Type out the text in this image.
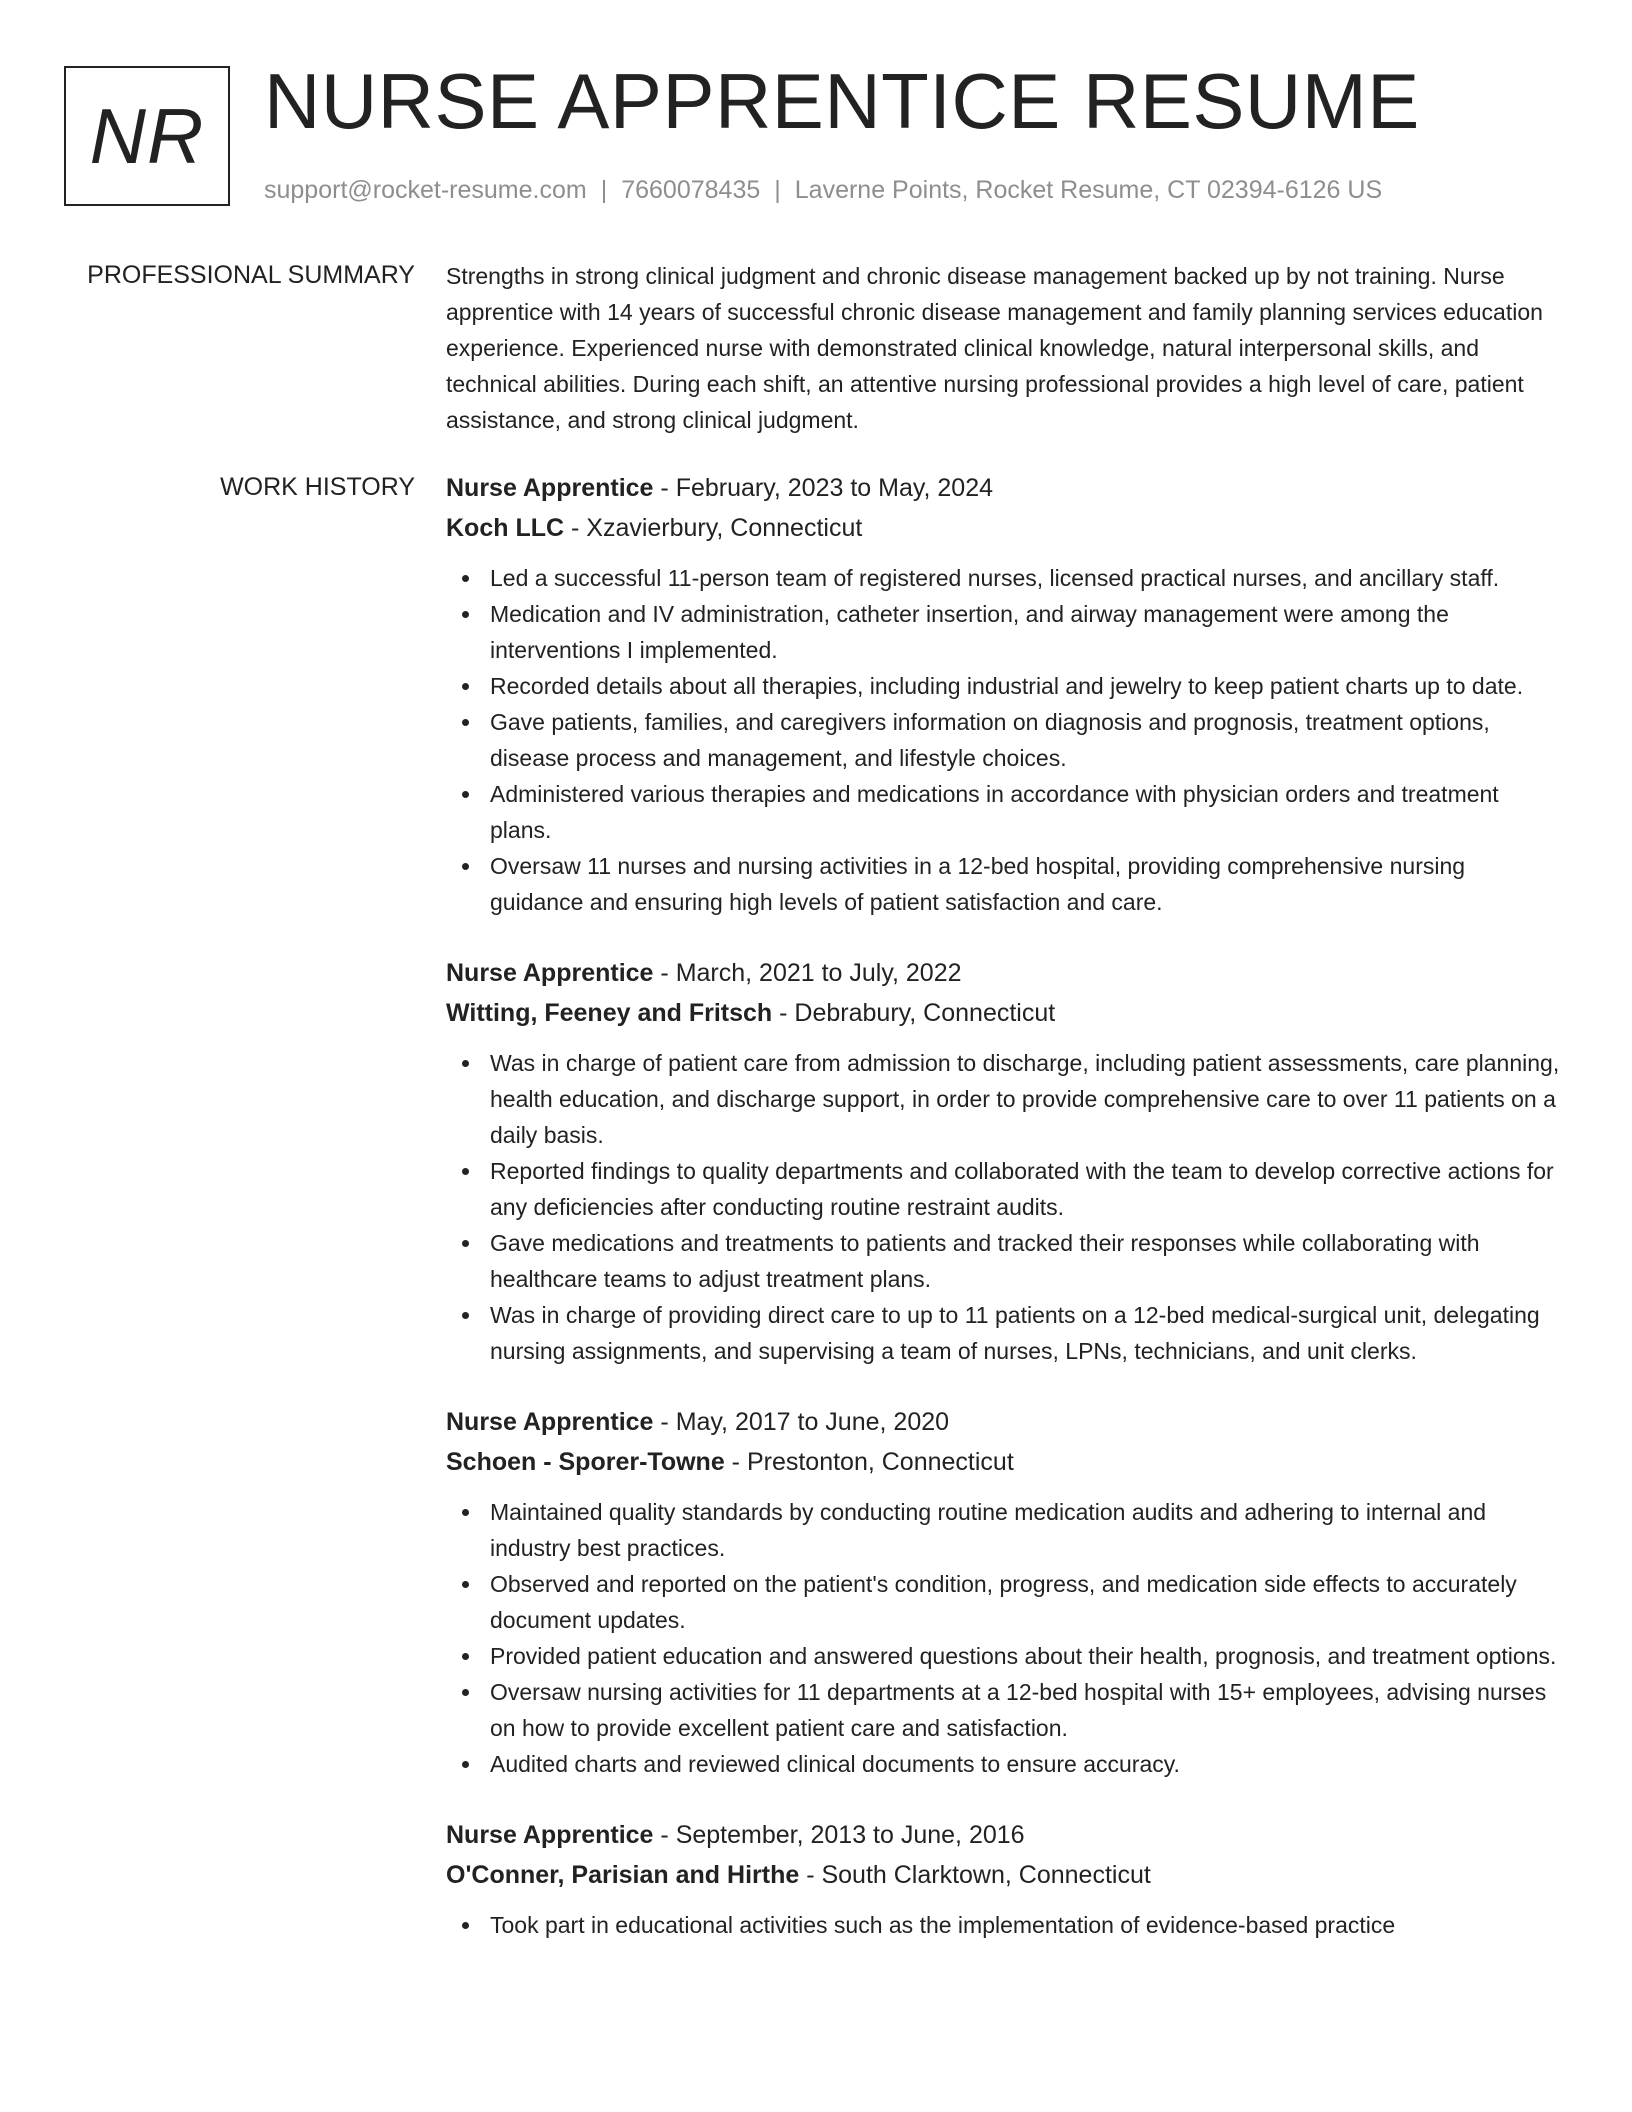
NR NURSE APPRENTICE RESUME
support@rocket-resume.com | 7660078435 | Laverne Points, Rocket Resume, CT 02394-6126 US
PROFESSIONAL SUMMARY Strengths in strong clinical judgment and chronic disease management backed up by not training. Nurse apprentice with 14 years of successful chronic disease management and family planning services education experience. Experienced nurse with demonstrated clinical knowledge, natural interpersonal skills, and technical abilities. During each shift, an attentive nursing professional provides a high level of care, patient assistance, and strong clinical judgment.

WORK HISTORY Nurse Apprentice - February, 2023 to May, 2024
Koch LLC - Xzavierbury, Connecticut
Led a successful 11-person team of registered nurses, licensed practical nurses, and ancillary staff.
Medication and IV administration, catheter insertion, and airway management were among the interventions I implemented.
Recorded details about all therapies, including industrial and jewelry to keep patient charts up to date.
Gave patients, families, and caregivers information on diagnosis and prognosis, treatment options, disease process and management, and lifestyle choices.
Administered various therapies and medications in accordance with physician orders and treatment plans.
Oversaw 11 nurses and nursing activities in a 12-bed hospital, providing comprehensive nursing guidance and ensuring high levels of patient satisfaction and care.
Nurse Apprentice - March, 2021 to July, 2022
Witting, Feeney and Fritsch - Debrabury, Connecticut
Was in charge of patient care from admission to discharge, including patient assessments, care planning, health education, and discharge support, in order to provide comprehensive care to over 11 patients on a daily basis.
Reported findings to quality departments and collaborated with the team to develop corrective actions for any deficiencies after conducting routine restraint audits.
Gave medications and treatments to patients and tracked their responses while collaborating with healthcare teams to adjust treatment plans.
Was in charge of providing direct care to up to 11 patients on a 12-bed medical-surgical unit, delegating nursing assignments, and supervising a team of nurses, LPNs, technicians, and unit clerks.
Nurse Apprentice - May, 2017 to June, 2020
Schoen - Sporer-Towne - Prestonton, Connecticut
Maintained quality standards by conducting routine medication audits and adhering to internal and industry best practices.
Observed and reported on the patient's condition, progress, and medication side effects to accurately document updates.
Provided patient education and answered questions about their health, prognosis, and treatment options.
Oversaw nursing activities for 11 departments at a 12-bed hospital with 15+ employees, advising nurses on how to provide excellent patient care and satisfaction.
Audited charts and reviewed clinical documents to ensure accuracy.
Nurse Apprentice - September, 2013 to June, 2016
O'Conner, Parisian and Hirthe - South Clarktown, Connecticut
Took part in educational activities such as the implementation of evidence-based practice
